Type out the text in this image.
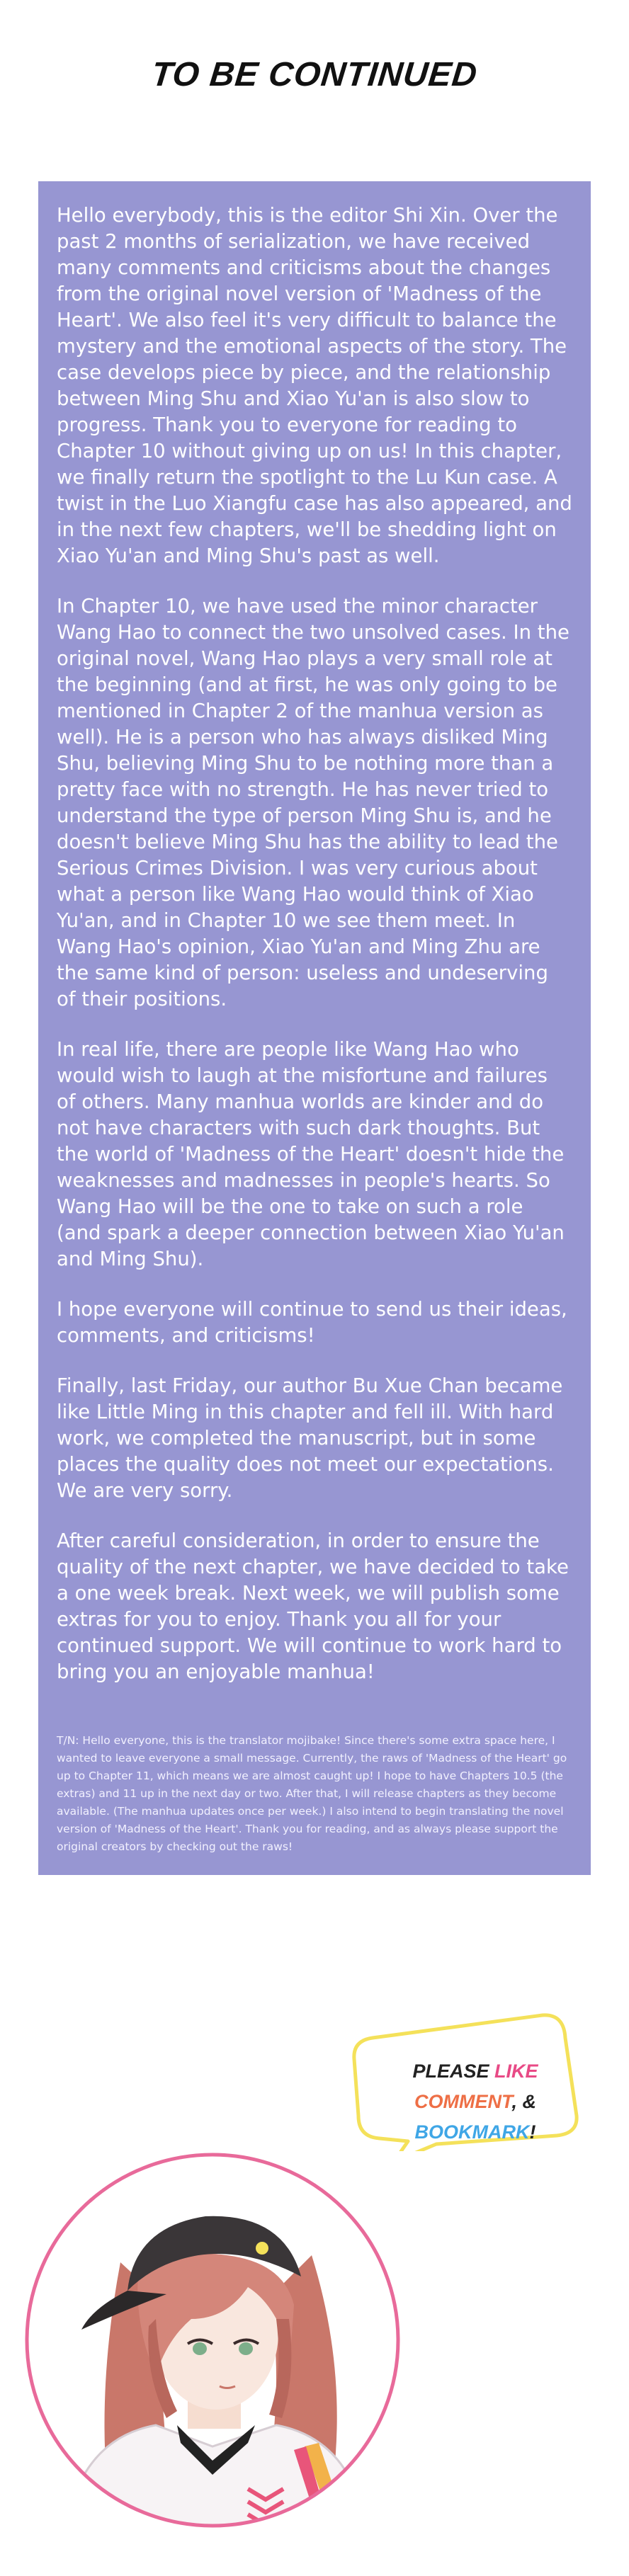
TO BE CONTINUED

Hello everybody, this is the editor Shi Xin. Over the past 2 months of serialization, we have received many comments and criticisms about the changes from the original novel version of 'Madness of the Heart'. We also feel it's very difficult to balance the mystery and the emotional aspects of the story. The case develops piece by piece, and the relationship between Ming Shu and Xiao Yu'an is also slow to progress. Thank you to everyone for reading to Chapter 10 without giving up on us! In this chapter, we finally return the spotlight to the Lu Kun case. A twist in the Luo Xiangfu case has also appeared, and in the next few chapters, we'll be shedding light on Xiao Yu'an and Ming Shu's past as well.

In Chapter 10, we have used the minor character Wang Hao to connect the two unsolved cases. In the original novel, Wang Hao plays a very small role at the beginning (and at first, he was only going to be mentioned in Chapter 2 of the manhua version as well). He is a person who has always disliked Ming Shu, believing Ming Shu to be nothing more than a pretty face with no strength. He has never tried to understand the type of person Ming Shu is, and he doesn't believe Ming Shu has the ability to lead the Serious Crimes Division. I was very curious about what a person like Wang Hao would think of Xiao Yu'an, and in Chapter 10 we see them meet. In Wang Hao's opinion, Xiao Yu'an and Ming Zhu are the same kind of person: useless and undeserving of their positions.

In real life, there are people like Wang Hao who would wish to laugh at the misfortune and failures of others. Many manhua worlds are kinder and do not have characters with such dark thoughts. But the world of 'Madness of the Heart' doesn't hide the weaknesses and madnesses in people's hearts. So Wang Hao will be the one to take on such a role (and spark a deeper connection between Xiao Yu'an and Ming Shu).

I hope everyone will continue to send us their ideas, comments, and criticisms!

Finally, last Friday, our author Bu Xue Chan became like Little Ming in this chapter and fell ill. With hard work, we completed the manuscript, but in some places the quality does not meet our expectations. We are very sorry.

After careful consideration, in order to ensure the quality of the next chapter, we have decided to take a one week break. Next week, we will publish some extras for you to enjoy. Thank you all for your continued support. We will continue to work hard to bring you an enjoyable manhua!

T/N: Hello everyone, this is the translator mojibake! Since there's some extra space here, I wanted to leave everyone a small message. Currently, the raws of 'Madness of the Heart' go up to Chapter 11, which means we are almost caught up! I hope to have Chapters 10.5 (the extras) and 11 up in the next day or two. After that, I will release chapters as they become available. (The manhua updates once per week.) I also intend to begin translating the novel version of 'Madness of the Heart'. Thank you for reading, and as always please support the original creators by checking out the raws!
PLEASE LIKE
COMMENT, &
BOOKMARK!
